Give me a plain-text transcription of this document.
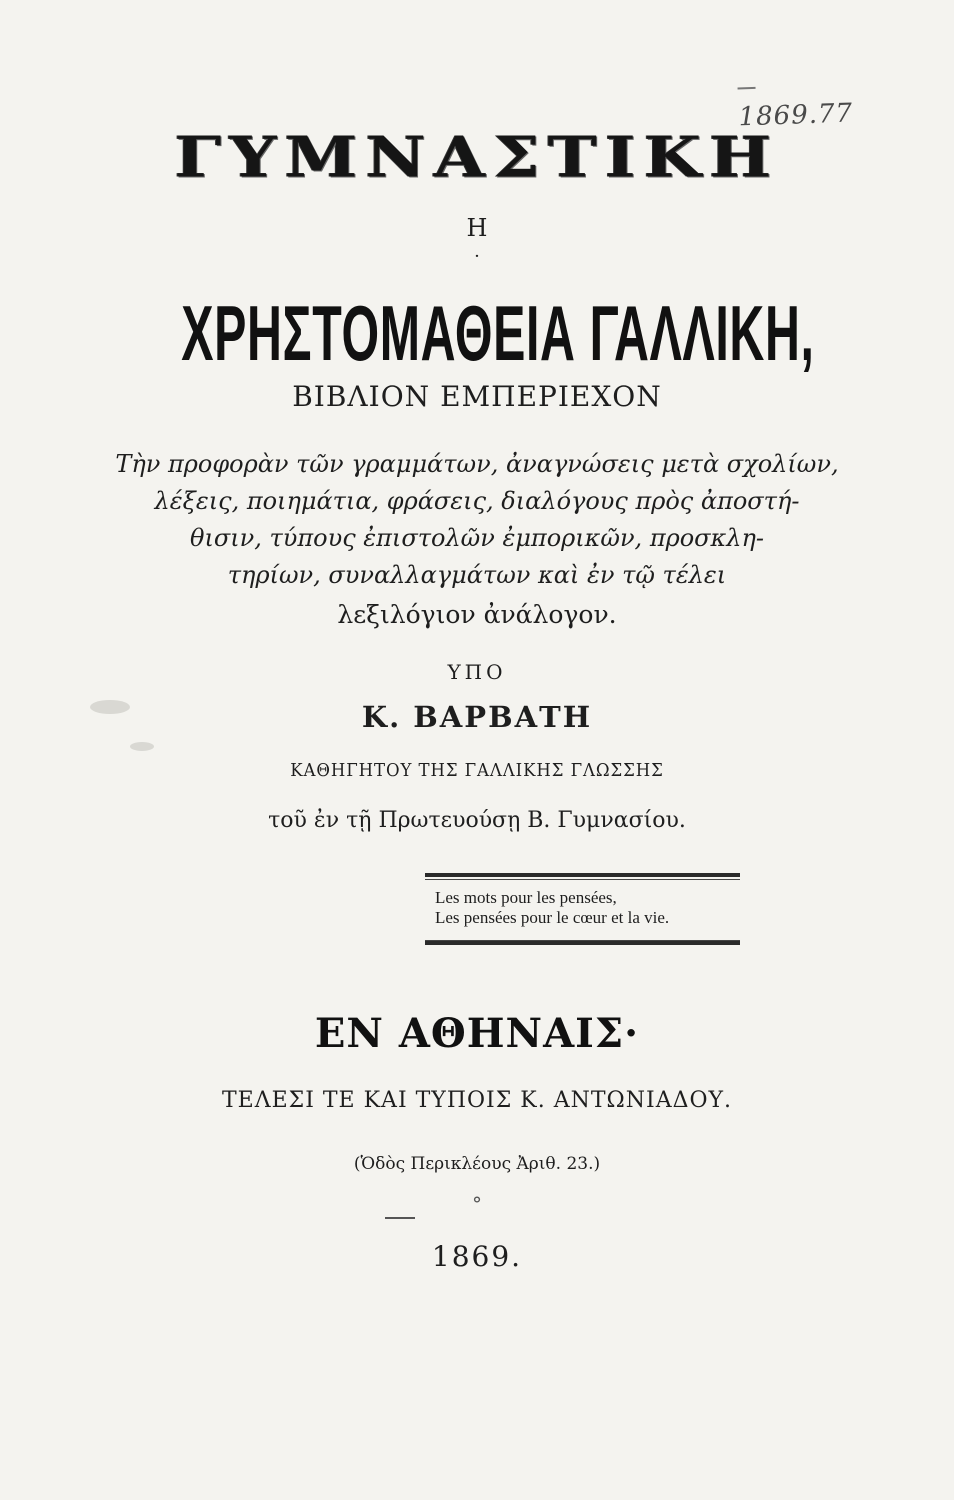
1869.77
ΓΥΜΝΑΣΤΙΚΗ
Η
·
ΧΡΗΣΤΟΜΑΘΕΙΑ ΓΑΛΛΙΚΗ,
ΒΙΒΛΙΟΝ ΕΜΠΕΡΙΕΧΟΝ
Τὴν προφορὰν τῶν γραμμάτων, ἀναγνώσεις μετὰ σχολίων,
λέξεις, ποιημάτια, φράσεις, διαλόγους πρὸς ἀποστή-
θισιν, τύπους ἐπιστολῶν ἐμπορικῶν, προσκλη-
τηρίων, συναλλαγμάτων καὶ ἐν τῷ τέλει
λεξιλόγιον ἀνάλογον.
ΥΠΟ
Κ. ΒΑΡΒΑΤΗ
ΚΑΘΗΓΗΤΟΥ ΤΗΣ ΓΑΛΛΙΚΗΣ ΓΛΩΣΣΗΣ
τοῦ ἐν τῇ Πρωτευούσῃ Β. Γυμνασίου.
Les mots pour les pensées,
Les pensées pour le cœur et la vie.
ΕΝ ΑΘΗΝΑΙΣ·
ΤΕΛΕΣΙ ΤΕ ΚΑΙ ΤΥΠΟΙΣ Κ. ΑΝΤΩΝΙΑΔΟΥ.
(Ὁδὸς Περικλέους Ἀριθ. 23.)
°
1869.
